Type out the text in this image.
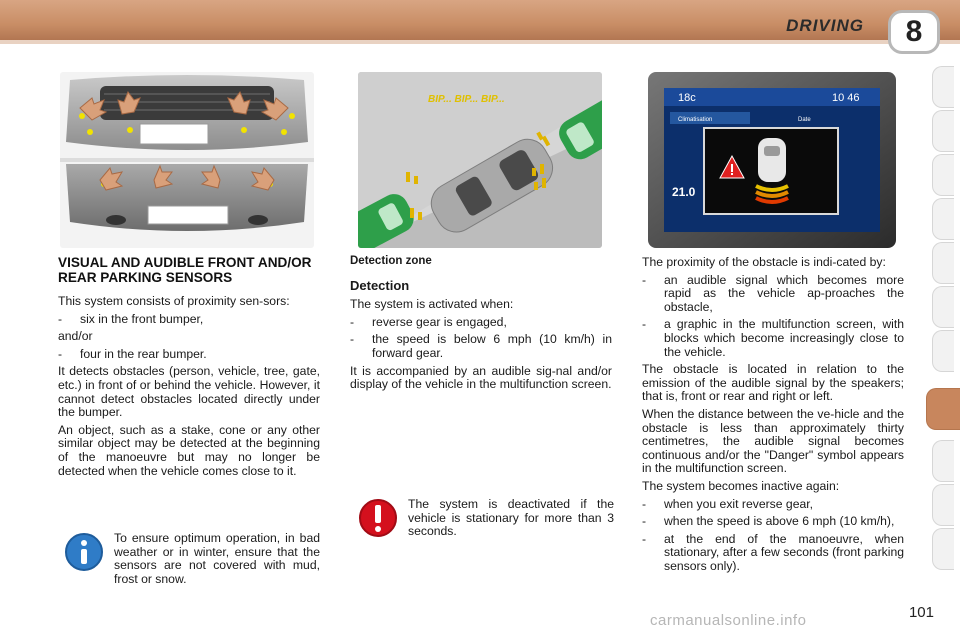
DRIVING	8
BIP... BIP... BIP...	18c	10 46
Climatisation	Date
21.0
VISUAL AND AUDIBLE FRONT AND/OR REAR PARKING SENSORS

This system consists of proximity sen-sors:

-	six in the front bumper,

and/or

-	four in the rear bumper.

It detects obstacles (person, vehicle, tree, gate, etc.) in front of or behind the vehicle. However, it cannot detect obstacles located directly under the bumper.

An object, such as a stake, cone or any other similar object may be detected at the beginning of the manoeuvre but may no longer be detected when the vehicle comes close to it.

To ensure optimum operation, in bad weather or in winter, ensure that the sensors are not covered with mud, frost or snow.
Detection zone
Detection

The system is activated when:

-	reverse gear is engaged,
-	the speed is below 6 mph (10 km/h) in forward gear.

It is accompanied by an audible sig-nal and/or display of the vehicle in the multifunction screen.

The system is deactivated if the vehicle is stationary for more than 3 seconds.

The proximity of the obstacle is indi-cated by:

-	an audible signal which becomes more rapid as the vehicle ap-proaches the obstacle,
-	a graphic in the multifunction screen, with blocks which become increasingly close to the vehicle.

The obstacle is located in relation to the emission of the audible signal by the speakers; that is, front or rear and right or left.

When the distance between the ve-hicle and the obstacle is less than approximately thirty centimetres, the audible signal becomes continuous and/or the "Danger" symbol appears in the multifunction screen.

The system becomes inactive again:

-	when you exit reverse gear,
-	when the speed is above 6 mph (10 km/h),
-	at the end of the manoeuvre, when stationary, after a few seconds (front parking sensors only).
carmanualsonline.info	101
